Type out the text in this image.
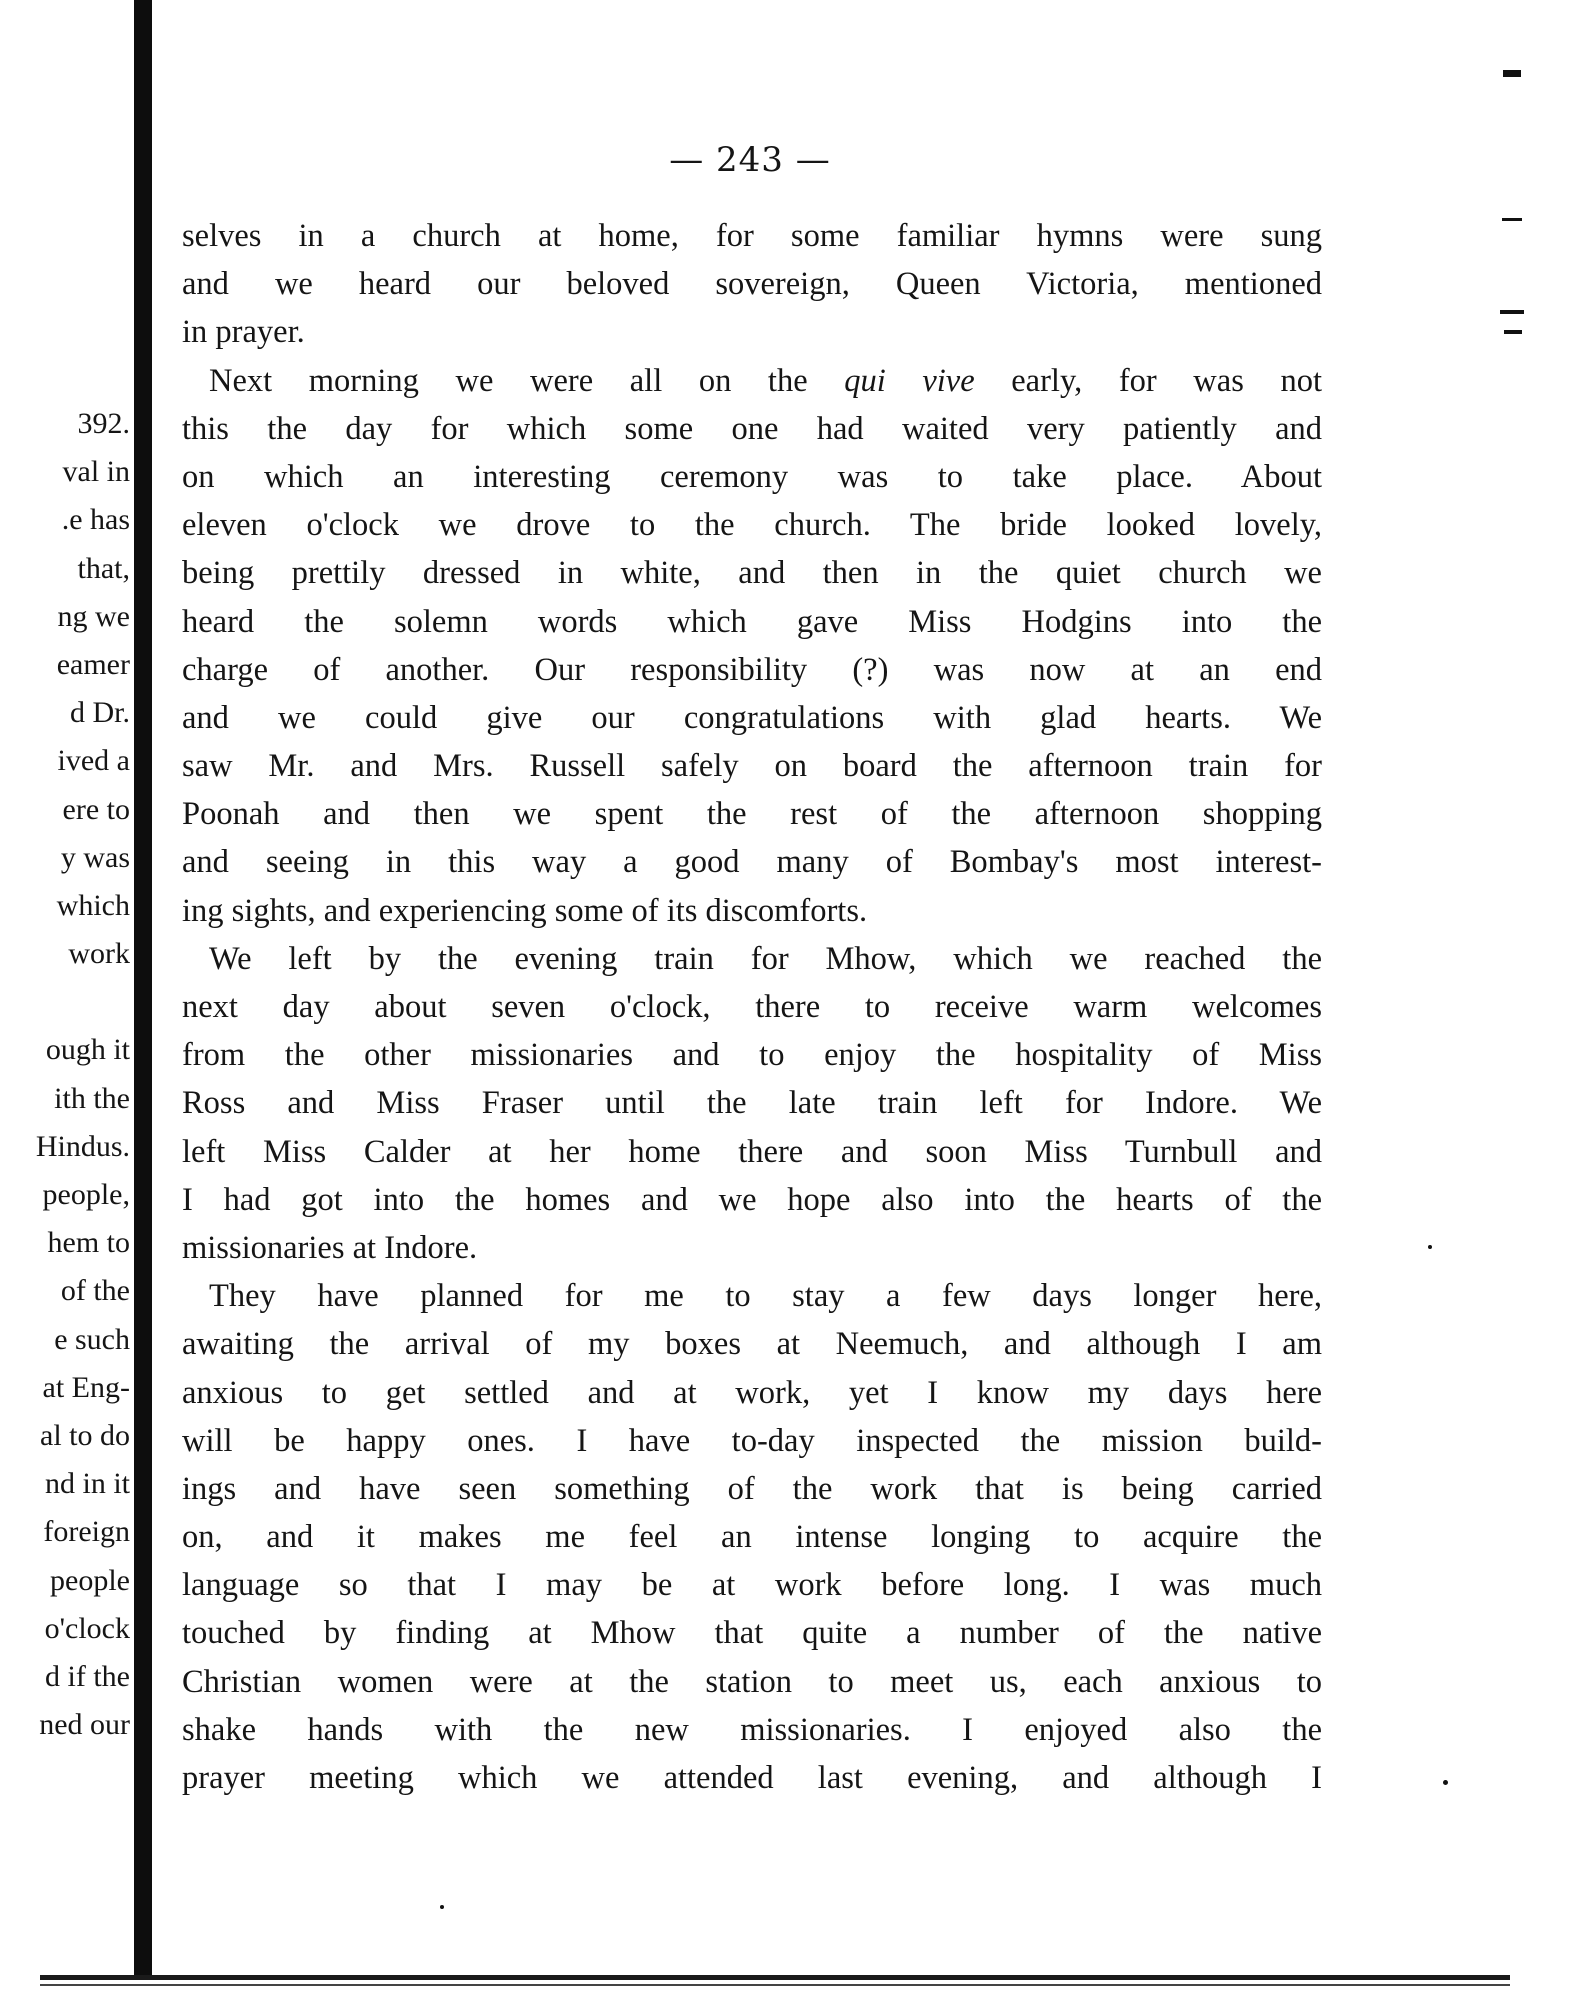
— 243 —
392.
val in
.e has
that,
ng we
eamer
d Dr.
ived a
ere to
y was
which
work
ough it
ith the
Hindus.
people,
hem to
of the
e such
at Eng-
al to do
nd in it
foreign
people
o'clock
d if the
ned our
selves in a church at home, for some familiar hymns were sung
and we heard our beloved sovereign, Queen Victoria, mentioned
in prayer.
Next morning we were all on the qui vive early, for was not
this the day for which some one had waited very patiently and
on which an interesting ceremony was to take place. About
eleven o'clock we drove to the church. The bride looked lovely,
being prettily dressed in white, and then in the quiet church we
heard the solemn words which gave Miss Hodgins into the
charge of another. Our responsibility (?) was now at an end
and we could give our congratulations with glad hearts. We
saw Mr. and Mrs. Russell safely on board the afternoon train for
Poonah and then we spent the rest of the afternoon shopping
and seeing in this way a good many of Bombay's most interest-
ing sights, and experiencing some of its discomforts.
We left by the evening train for Mhow, which we reached the
next day about seven o'clock, there to receive warm welcomes
from the other missionaries and to enjoy the hospitality of Miss
Ross and Miss Fraser until the late train left for Indore. We
left Miss Calder at her home there and soon Miss Turnbull and
I had got into the homes and we hope also into the hearts of the
missionaries at Indore.
They have planned for me to stay a few days longer here,
awaiting the arrival of my boxes at Neemuch, and although I am
anxious to get settled and at work, yet I know my days here
will be happy ones. I have to-day inspected the mission build-
ings and have seen something of the work that is being carried
on, and it makes me feel an intense longing to acquire the
language so that I may be at work before long. I was much
touched by finding at Mhow that quite a number of the native
Christian women were at the station to meet us, each anxious to
shake hands with the new missionaries. I enjoyed also the
prayer meeting which we attended last evening, and although I
